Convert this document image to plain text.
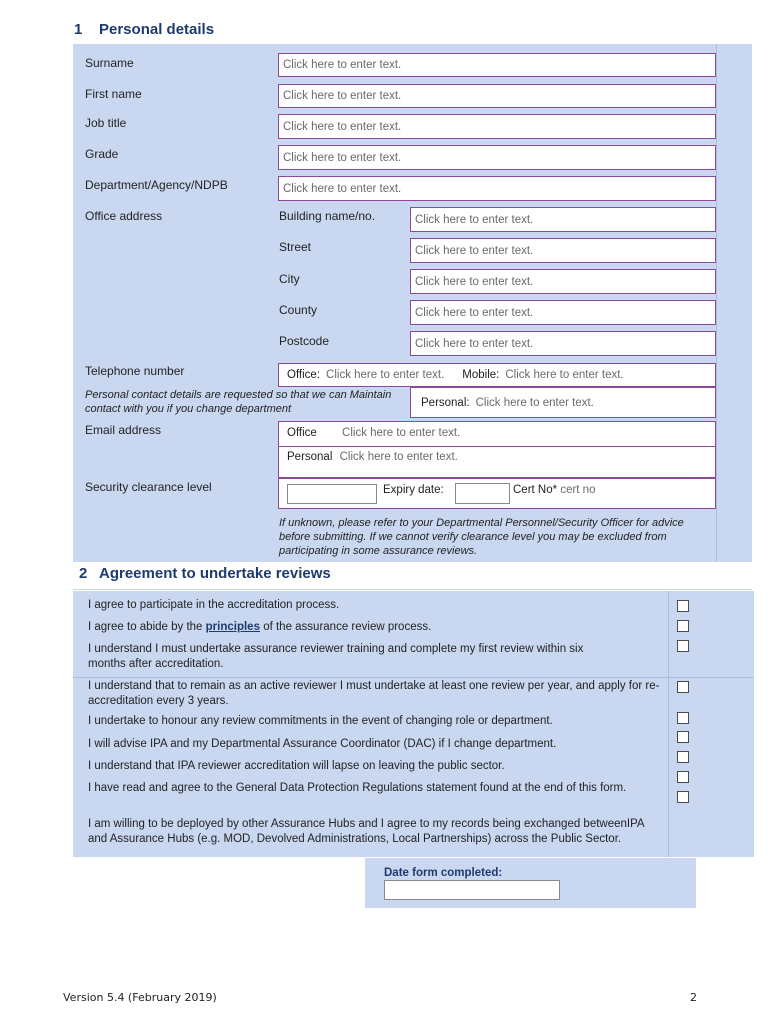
1 Personal details
Surname	Click here to enter text.
First name	Click here to enter text.
Job title	Click here to enter text.
Grade	Click here to enter text.
Department/Agency/NDPB	Click here to enter text.
Office address	Building name/no.	Click here to enter text.
Street	Click here to enter text.
City	Click here to enter text.
County	Click here to enter text.
Postcode	Click here to enter text.
Telephone number	Office: Click here to enter text. Mobile: Click here to enter text.
Personal contact details are requested so that we can Maintain contact with you if you change department
Personal: Click here to enter text.
Email address	Office Click here to enter text.
Personal Click here to enter text.
Security clearance level	Expiry date:	Cert No* cert no
If unknown, please refer to your Departmental Personnel/Security Officer for advice before submitting. If we cannot verify clearance level you may be excluded from participating in some assurance reviews.
2 Agreement to undertake reviews
I agree to participate in the accreditation process.
I agree to abide by the principles of the assurance review process.
I understand I must undertake assurance reviewer training and complete my first review within six months after accreditation.
I understand that to remain as an active reviewer I must undertake at least one review per year, and apply for re-accreditation every 3 years.
I undertake to honour any review commitments in the event of changing role or department.
I will advise IPA and my Departmental Assurance Coordinator (DAC) if I change department.
I understand that IPA reviewer accreditation will lapse on leaving the public sector.
I have read and agree to the General Data Protection Regulations statement found at the end of this form.
I am willing to be deployed by other Assurance Hubs and I agree to my records being exchanged betweenIPA and Assurance Hubs (e.g. MOD, Devolved Administrations, Local Partnerships) across the Public Sector.
Date form completed:
Version 5.4 (February 2019)	2
